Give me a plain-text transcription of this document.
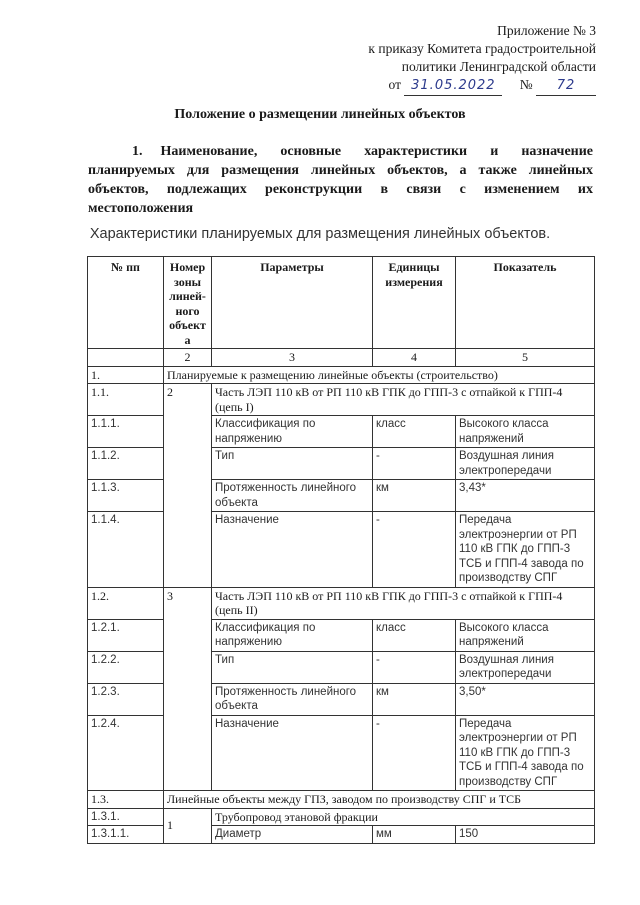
Приложение № 3
к приказу Комитета градостроительной
политики Ленинградской области
от 31.05.2022 № 72
Положение о размещении линейных объектов
1. Наименование, основные характеристики и назначение планируемых для размещения линейных объектов, а также линейных объектов, подлежащих реконструкции в связи с изменением их местоположения
Характеристики планируемых для размещения линейных объектов.
№ пп	Номер зоны линей-ного объект а	Параметры	Единицы измерения	Показатель
	2	3	4	5
1.	Планируемые к размещению линейные объекты (строительство)			
1.1.	2	Часть ЛЭП 110 кВ от РП 110 кВ ГПК до ГПП-3 с отпайкой к ГПП-4 (цепь I)		
1.1.1.		Классификация по напряжению	класс	Высокого класса напряжений
1.1.2.		Тип	-	Воздушная линия электропередачи
1.1.3.		Протяженность линейного объекта	км	3,43*
1.1.4.		Назначение	-	Передача электроэнергии от РП 110 кВ ГПК до ГПП-3 ТСБ и ГПП-4 завода по производству СПГ
1.2.	3	Часть ЛЭП 110 кВ от РП 110 кВ ГПК до ГПП-3 с отпайкой к ГПП-4 (цепь II)		
1.2.1.		Классификация по напряжению	класс	Высокого класса напряжений
1.2.2.		Тип	-	Воздушная линия электропередачи
1.2.3.		Протяженность линейного объекта	км	3,50*
1.2.4.		Назначение	-	Передача электроэнергии от РП 110 кВ ГПК до ГПП-3 ТСБ и ГПП-4 завода по производству СПГ
1.3.	Линейные объекты между ГПЗ, заводом по производству СПГ и ТСБ			
1.3.1.	1	Трубопровод этановой фракции		
1.3.1.1.		Диаметр	мм	150
